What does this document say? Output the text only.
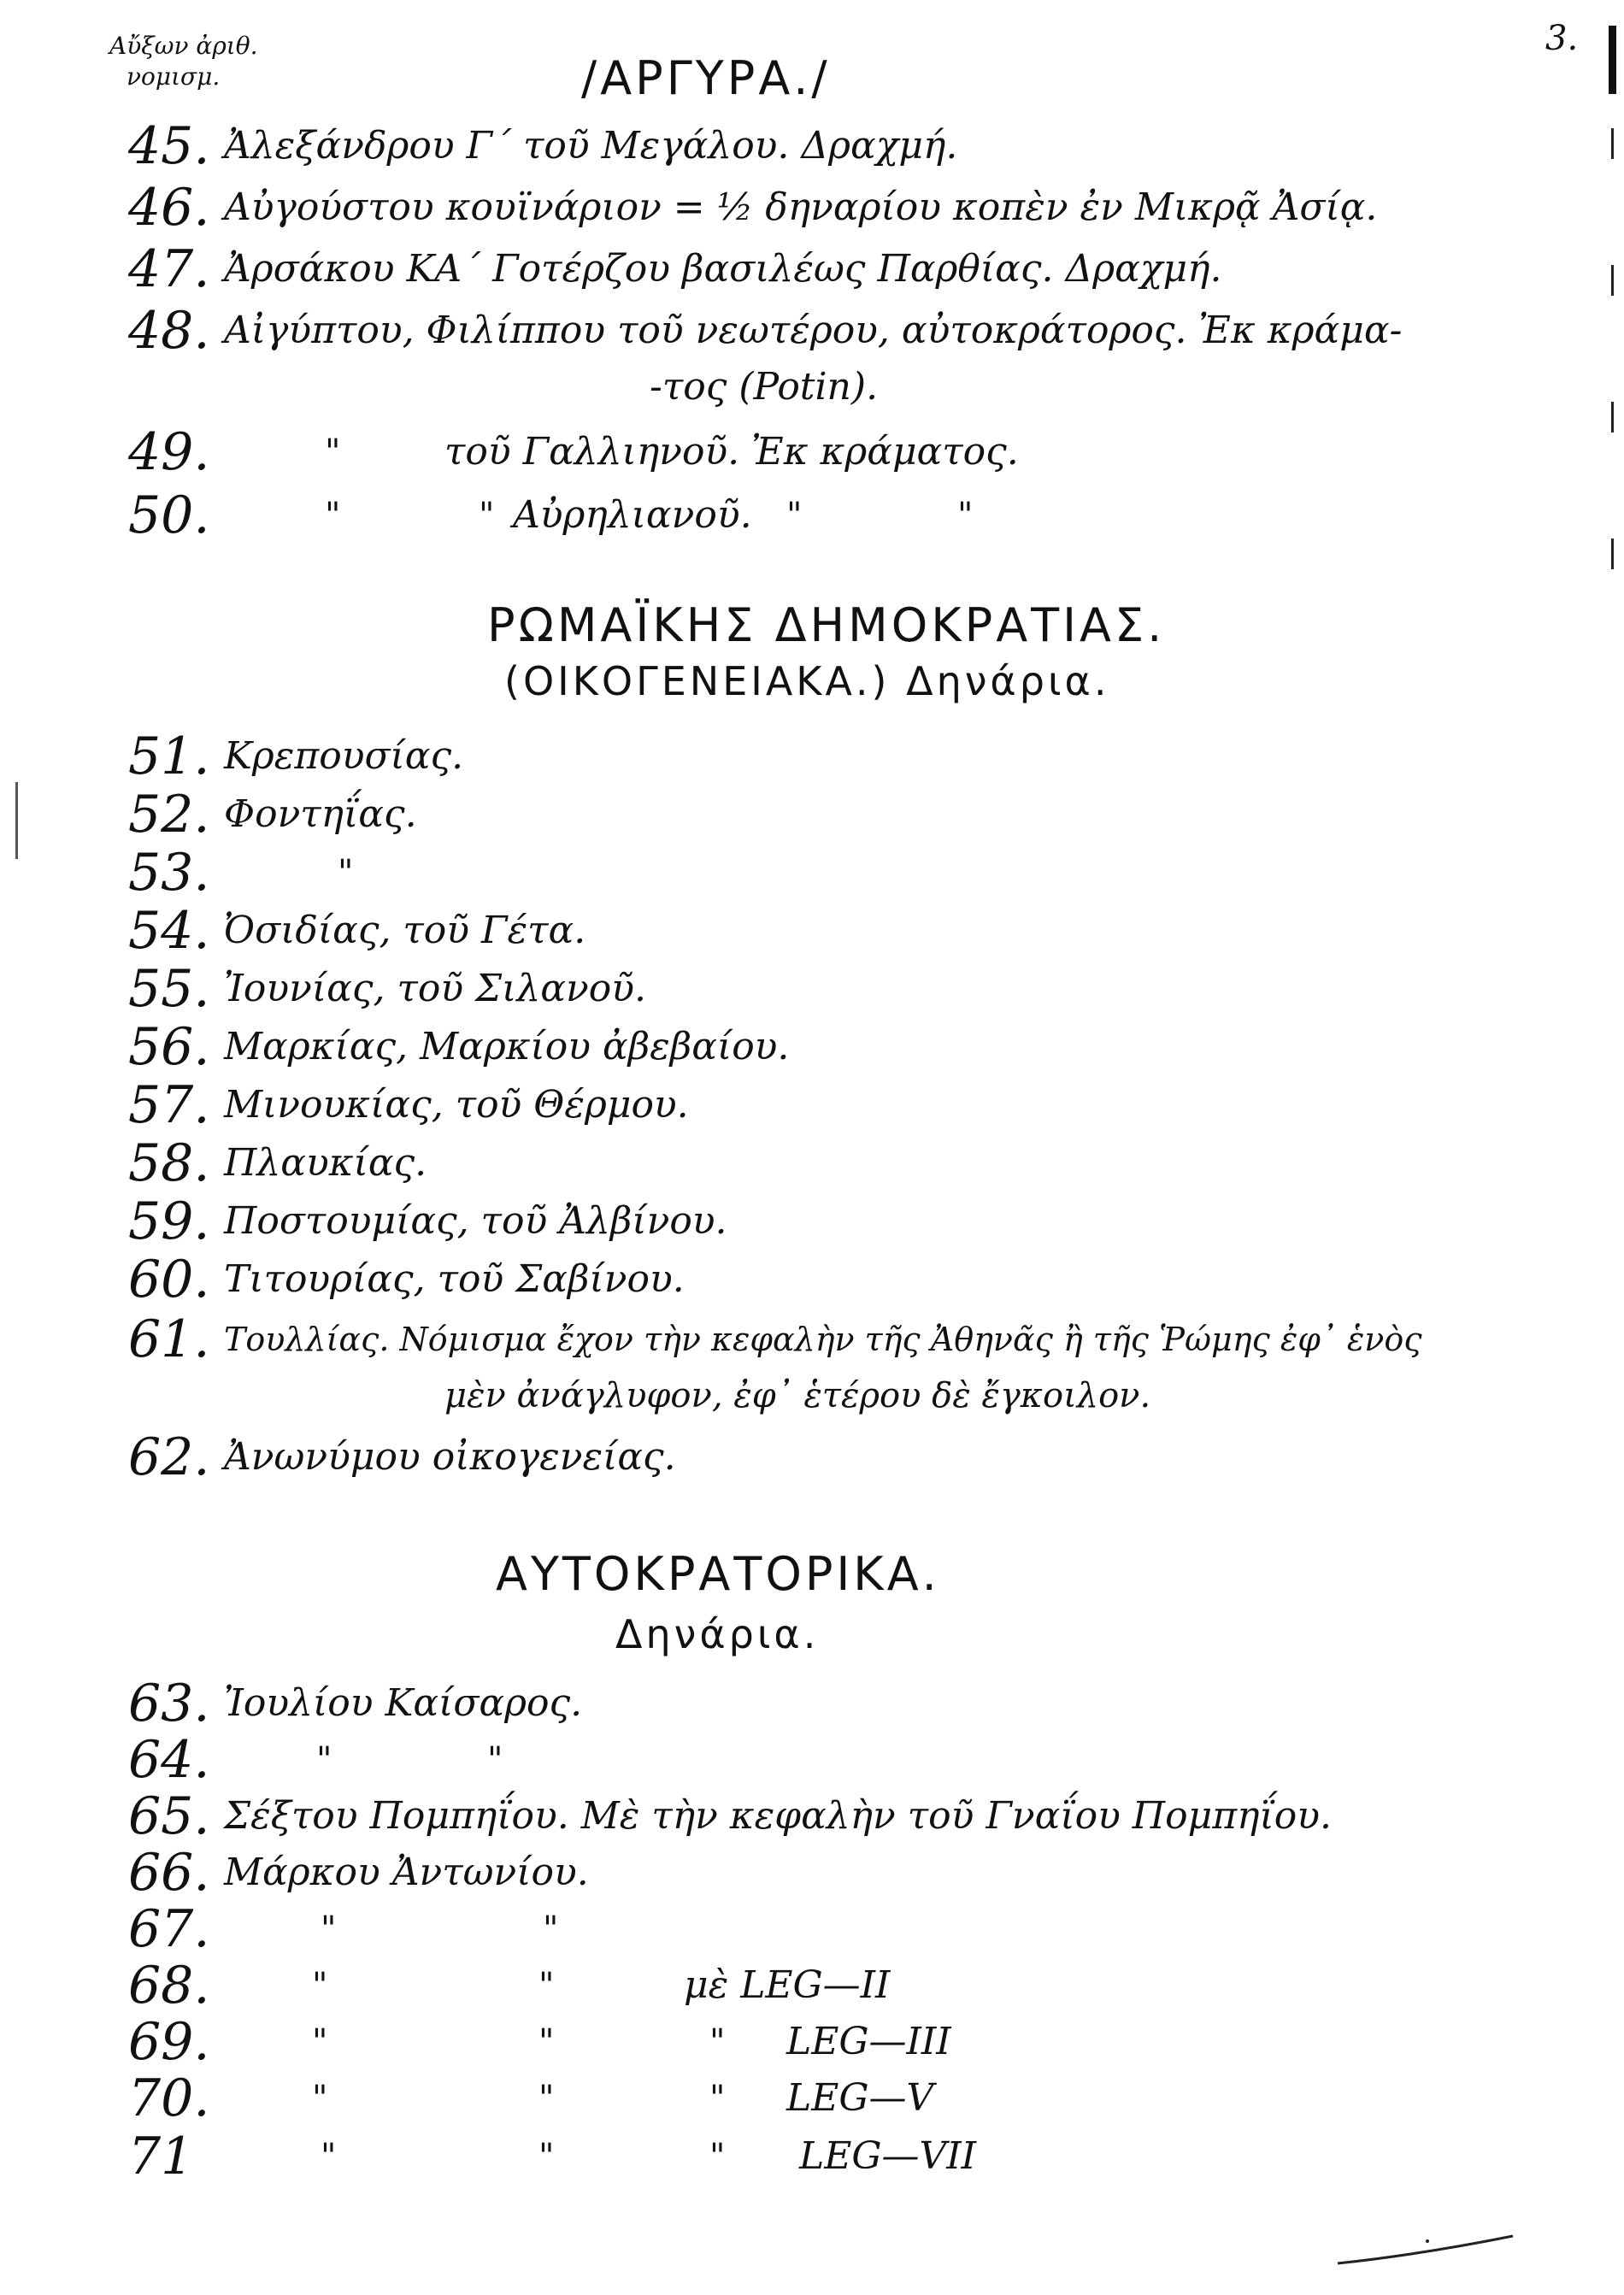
Αὔξων ἀριθ.
νομισμ.
3.
/ΑΡΓΥΡΑ./
45. Ἀλεξάνδρου Γ΄ τοῦ Μεγάλου. Δραχμή.
46. Αὐγούστου κουϊνάριον = ½ δηναρίου κοπὲν ἐν Μικρᾷ Ἀσίᾳ.
47. Ἀρσάκου ΚΑ΄ Γοτέρζου βασιλέως Παρθίας. Δραχμή.
48. Αἰγύπτου, Φιλίππου τοῦ νεωτέρου, αὐτοκράτορος. Ἐκ κράμα-
-τος (Potin).
49.	"	τοῦ Γαλλιηνοῦ. Ἐκ κράματος.
50.	"	" Αὐρηλιανοῦ. "	"
ΡΩΜΑΪΚΗΣ ΔΗΜΟΚΡΑΤΙΑΣ.
(ΟΙΚΟΓΕΝΕΙΑΚΑ.) Δηνάρια.
51. Κρεπουσίας.
52. Φοντηΐας.
53.	"
54. Ὀσιδίας, τοῦ Γέτα.
55. Ἰουνίας, τοῦ Σιλανοῦ.
56. Μαρκίας, Μαρκίου ἀβεβαίου.
57. Μινουκίας, τοῦ Θέρμου.
58. Πλαυκίας.
59. Ποστουμίας, τοῦ Ἀλβίνου.
60. Τιτουρίας, τοῦ Σαβίνου.
61. Τουλλίας. Νόμισμα ἔχον τὴν κεφαλὴν τῆς Ἀθηνᾶς ἢ τῆς Ῥώμης ἐφ᾽ ἑνὸς
μὲν ἀνάγλυφον, ἐφ᾽ ἑτέρου δὲ ἔγκοιλον.
62. Ἀνωνύμου οἰκογενείας.
ΑΥΤΟΚΡΑΤΟΡΙΚΑ.
Δηνάρια.
63. Ἰουλίου Καίσαρος.
64.	"	"
65. Σέξτου Πομπηΐου. Μὲ τὴν κεφαλὴν τοῦ Γναΐου Πομπηΐου.
66. Μάρκου Ἀντωνίου.
67.	"	"
68.	"	"	μὲ LEG—II
69.	"	"	" LEG—III
70.	"	"	" LEG—V
71	"	"	" LEG—VII
